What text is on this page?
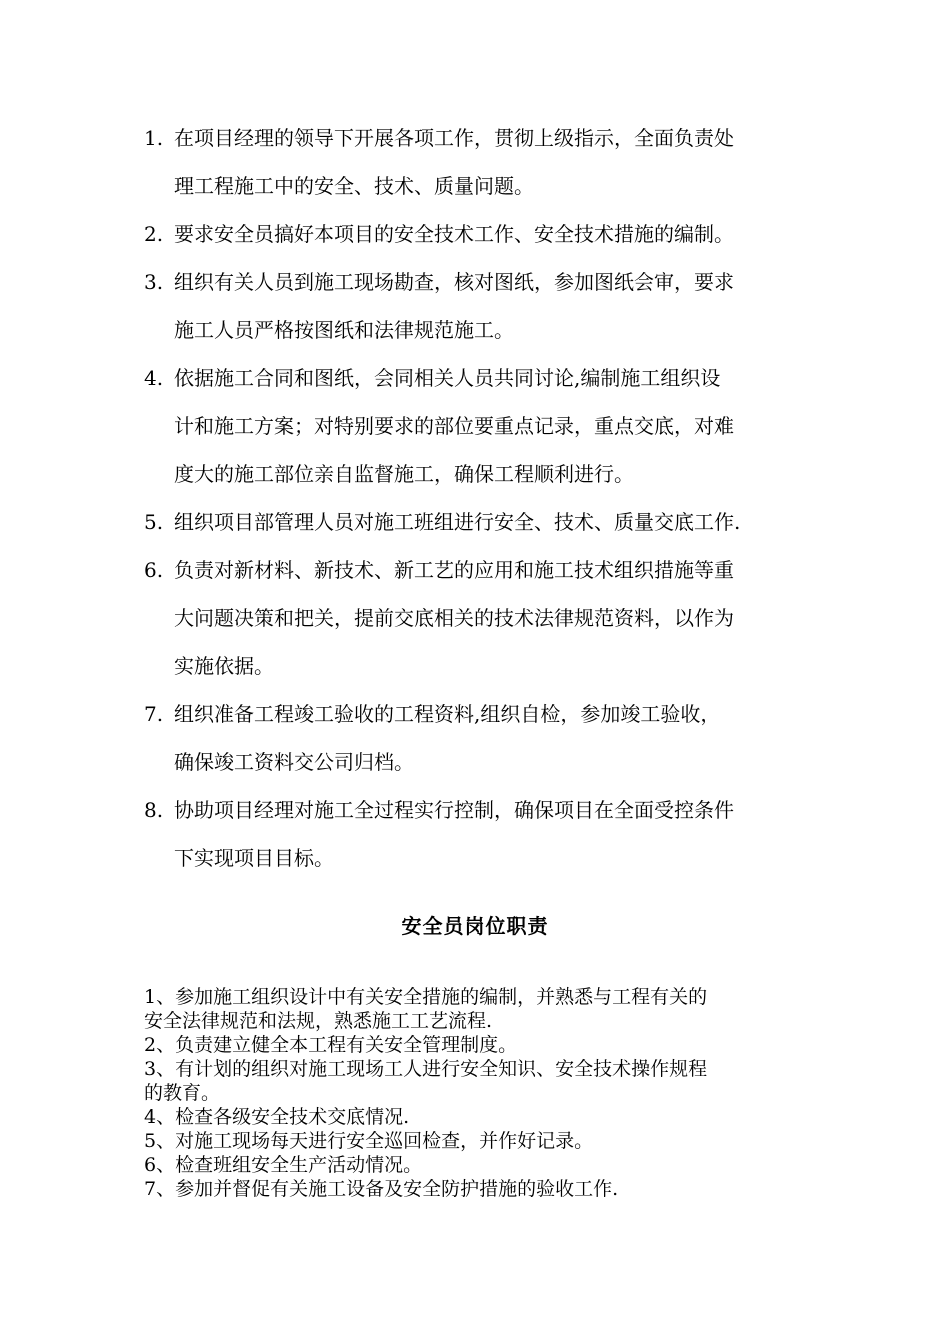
1. 在项目经理的领导下开展各项工作，贯彻上级指示，全面负责处
理工程施工中的安全、技术、质量问题。
2. 要求安全员搞好本项目的安全技术工作、安全技术措施的编制。
3. 组织有关人员到施工现场勘查，核对图纸，参加图纸会审，要求
施工人员严格按图纸和法律规范施工。
4. 依据施工合同和图纸，会同相关人员共同讨论,编制施工组织设
计和施工方案；对特别要求的部位要重点记录，重点交底，对难
度大的施工部位亲自监督施工，确保工程顺利进行。
5. 组织项目部管理人员对施工班组进行安全、技术、质量交底工作.
6. 负责对新材料、新技术、新工艺的应用和施工技术组织措施等重
大问题决策和把关，提前交底相关的技术法律规范资料，以作为
实施依据。
7. 组织准备工程竣工验收的工程资料,组织自检，参加竣工验收，
确保竣工资料交公司归档。
8. 协助项目经理对施工全过程实行控制，确保项目在全面受控条件
下实现项目目标。
安全员岗位职责
1、参加施工组织设计中有关安全措施的编制，并熟悉与工程有关的
安全法律规范和法规，熟悉施工工艺流程.
2、负责建立健全本工程有关安全管理制度。
3、有计划的组织对施工现场工人进行安全知识、安全技术操作规程
的教育。
4、检查各级安全技术交底情况.
5、对施工现场每天进行安全巡回检查，并作好记录。
6、检查班组安全生产活动情况。
7、参加并督促有关施工设备及安全防护措施的验收工作.
